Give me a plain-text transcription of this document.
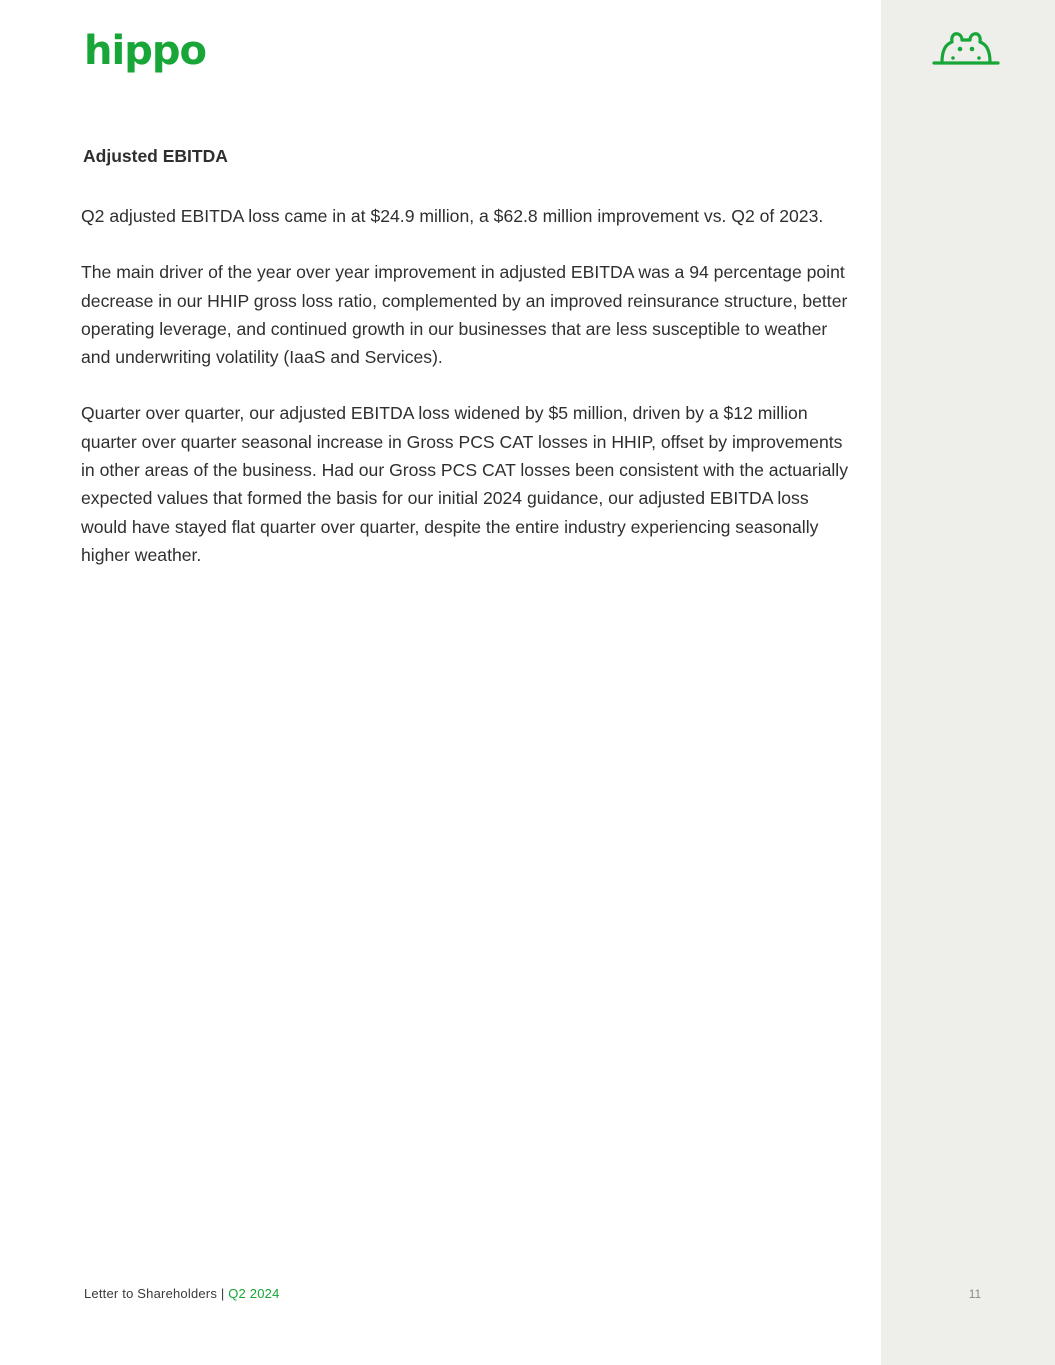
hippo
Adjusted EBITDA

Q2 adjusted EBITDA loss came in at $24.9 million, a $62.8 million improvement vs. Q2 of 2023.

The main driver of the year over year improvement in adjusted EBITDA was a 94 percentage point decrease in our HHIP gross loss ratio, complemented by an improved reinsurance structure, better operating leverage, and continued growth in our businesses that are less susceptible to weather and underwriting volatility (IaaS and Services).

Quarter over quarter, our adjusted EBITDA loss widened by $5 million, driven by a $12 million quarter over quarter seasonal increase in Gross PCS CAT losses in HHIP, offset by improvements in other areas of the business. Had our Gross PCS CAT losses been consistent with the actuarially expected values that formed the basis for our initial 2024 guidance, our adjusted EBITDA loss would have stayed flat quarter over quarter, despite the entire industry experiencing seasonally higher weather.

Letter to Shareholders | Q2 2024	11
